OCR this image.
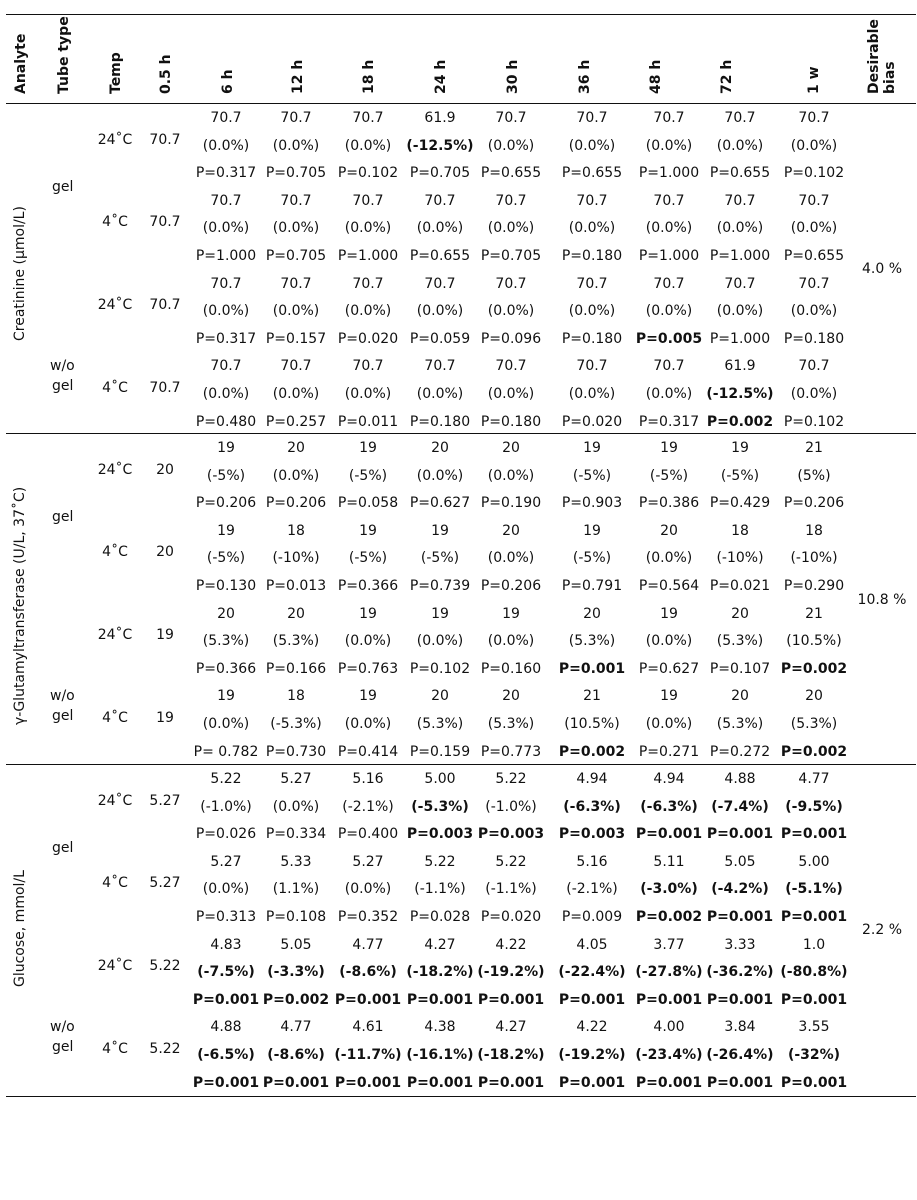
Analyte Tube type	Temp 0.5 h	6 h	12 h	18 h	24 h	30 h	36 h	48 h	72 h	1 w	Desirable bias
Creatinine (μmol/L)	4.0 %
gel
24˚C 70.7
70.7	70.7	70.7	61.9	70.7	70.7	70.7	70.7	70.7
(0.0%) (0.0%) (0.0%) (-12.5%) (0.0%) (0.0%) (0.0%) (0.0%) (0.0%)
P=0.317 P=0.705 P=0.102 P=0.705 P=0.655 P=0.655 P=1.000 P=0.655 P=0.102
4˚C 70.7
70.7	70.7	70.7	70.7	70.7	70.7	70.7	70.7	70.7
(0.0%) (0.0%) (0.0%) (0.0%) (0.0%) (0.0%) (0.0%) (0.0%) (0.0%)
P=1.000 P=0.705 P=1.000 P=0.655 P=0.705 P=0.180 P=1.000 P=1.000 P=0.655
w/o
gel
24˚C 70.7
70.7	70.7	70.7	70.7	70.7	70.7	70.7	70.7	70.7
(0.0%) (0.0%) (0.0%) (0.0%) (0.0%) (0.0%) (0.0%) (0.0%) (0.0%)
P=0.317 P=0.157 P=0.020 P=0.059 P=0.096 P=0.180 P=0.005 P=1.000 P=0.180
4˚C 70.7
70.7	70.7	70.7	70.7	70.7	70.7	70.7	61.9	70.7
(0.0%) (0.0%) (0.0%) (0.0%) (0.0%) (0.0%) (0.0%) (-12.5%) (0.0%)
P=0.480 P=0.257 P=0.011 P=0.180 P=0.180 P=0.020 P=0.317 P=0.002 P=0.102
γ-Glutamyltransferase (U/L, 37˚C)	10.8 %
gel
24˚C 20
19	20	19	20	20	19	19	19	21
(-5%) (0.0%) (-5%) (0.0%) (0.0%)	(-5%)	(-5%) (-5%)	(5%)
P=0.206 P=0.206 P=0.058 P=0.627 P=0.190 P=0.903 P=0.386 P=0.429 P=0.206
4˚C 20
19	18	19	19	20	19	20	18	18
(-5%) (-10%) (-5%) (-5%) (0.0%)	(-5%) (0.0%) (-10%) (-10%)
P=0.130 P=0.013 P=0.366 P=0.739 P=0.206 P=0.791 P=0.564 P=0.021 P=0.290
w/o
gel
24˚C 19
20	20	19	19	19	20	19	20	21
(5.3%) (5.3%) (0.0%) (0.0%) (0.0%) (5.3%) (0.0%) (5.3%) (10.5%)
P=0.366 P=0.166 P=0.763 P=0.102 P=0.160 P=0.001 P=0.627 P=0.107 P=0.002
4˚C 19
19	18	19	20	20	21	19	20	20
(0.0%) (-5.3%) (0.0%) (5.3%) (5.3%) (10.5%) (0.0%) (5.3%) (5.3%)
P= 0.782 P=0.730 P=0.414 P=0.159 P=0.773 P=0.002 P=0.271 P=0.272 P=0.002
Glucose, mmol/L	2.2 %
gel
24˚C 5.27
5.22	5.27	5.16	5.00	5.22	4.94	4.94	4.88	4.77
(-1.0%) (0.0%) (-2.1%) (-5.3%) (-1.0%) (-6.3%) (-6.3%) (-7.4%) (-9.5%)
P=0.026 P=0.334 P=0.400 P=0.003 P=0.003 P=0.003 P=0.001 P=0.001 P=0.001
4˚C 5.27
5.27	5.33	5.27	5.22	5.22	5.16	5.11	5.05	5.00
(0.0%) (1.1%) (0.0%) (-1.1%) (-1.1%) (-2.1%) (-3.0%) (-4.2%) (-5.1%)
P=0.313 P=0.108 P=0.352 P=0.028 P=0.020 P=0.009 P=0.002 P=0.001 P=0.001
w/o
gel
24˚C 5.22
4.83	5.05	4.77	4.27	4.22	4.05	3.77	3.33	1.0
(-7.5%) (-3.3%) (-8.6%) (-18.2%) (-19.2%) (-22.4%) (-27.8%) (-36.2%) (-80.8%)
P=0.001 P=0.002 P=0.001 P=0.001 P=0.001 P=0.001 P=0.001 P=0.001 P=0.001
4˚C 5.22
4.88	4.77	4.61	4.38	4.27	4.22	4.00	3.84	3.55
(-6.5%) (-8.6%) (-11.7%) (-16.1%) (-18.2%) (-19.2%) (-23.4%) (-26.4%) (-32%)
P=0.001 P=0.001 P=0.001 P=0.001 P=0.001 P=0.001 P=0.001 P=0.001 P=0.001
